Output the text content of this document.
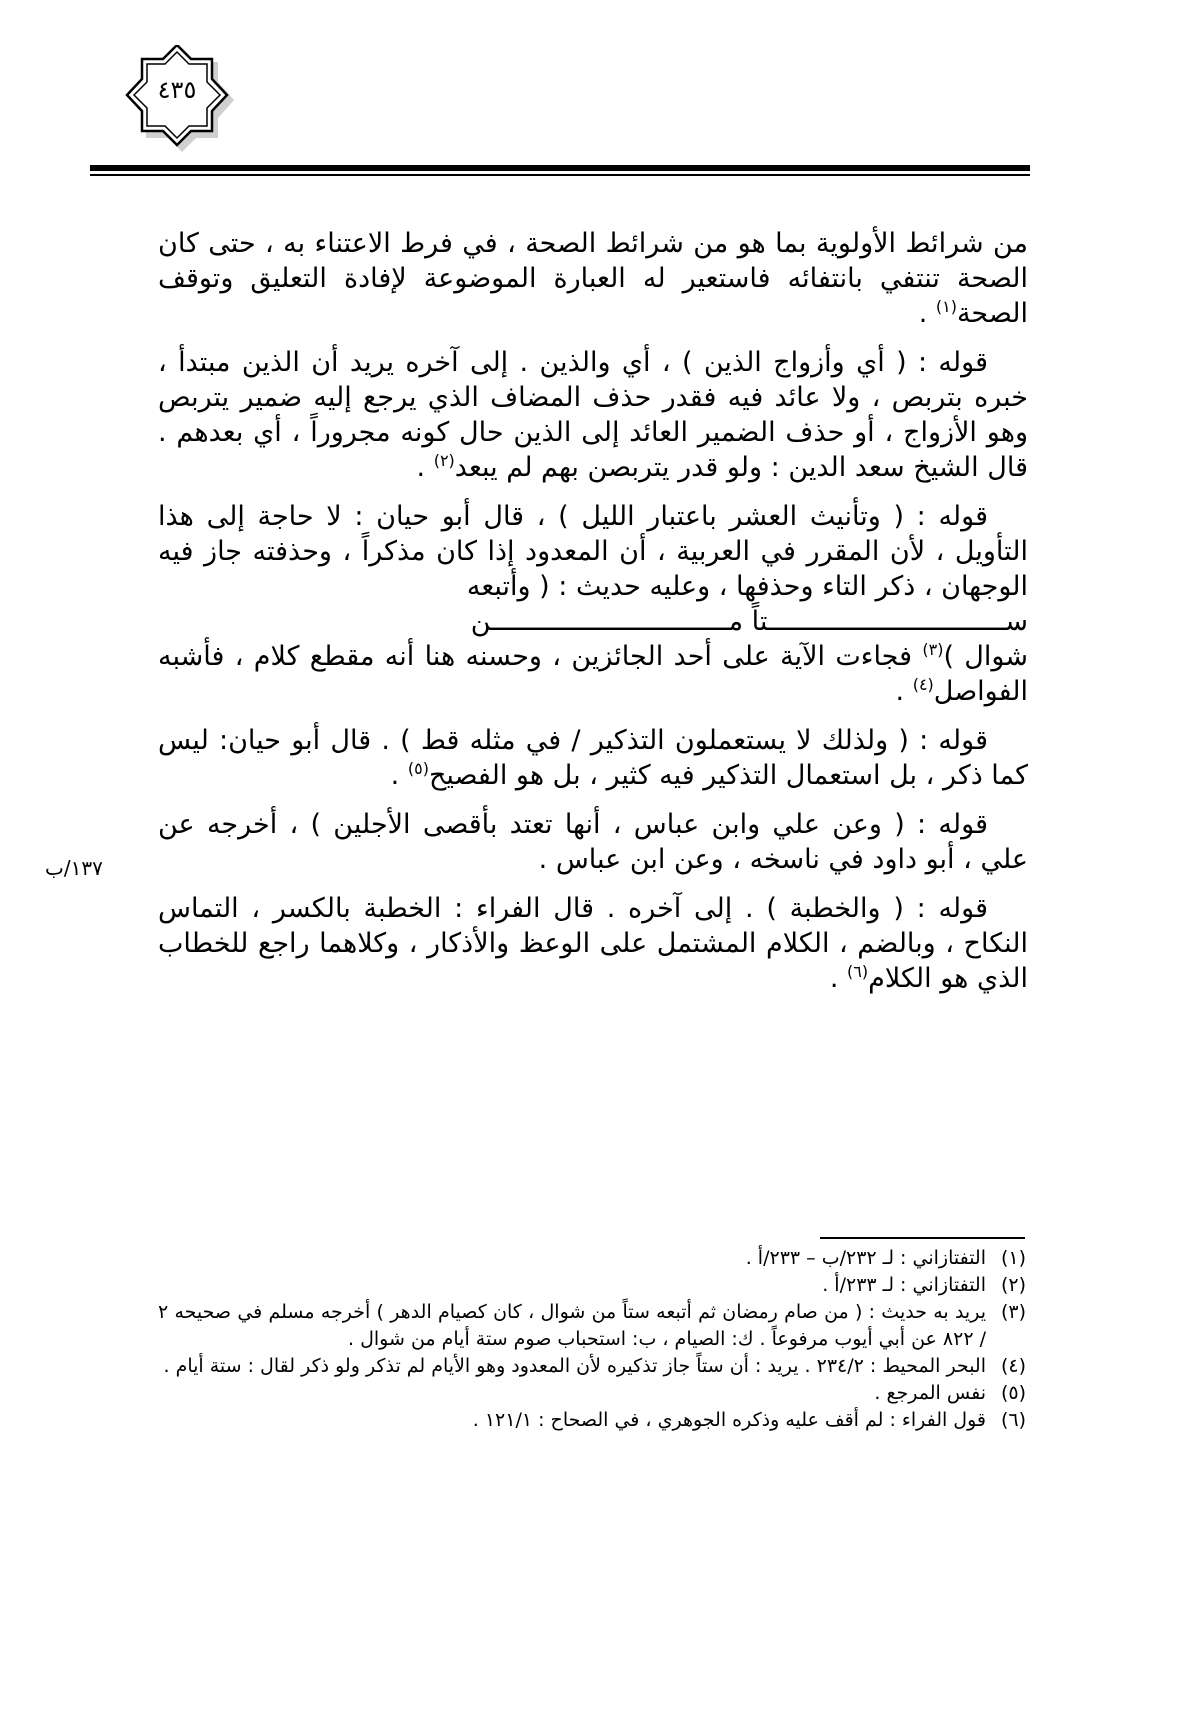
٤٣٥
١٣٧/ب

من شرائط الأولوية بما هو من شرائط الصحة ، في فرط الاعتناء به ، حتى كان الصحة تنتفي بانتفائه فاستعير له العبارة الموضوعة لإفادة التعليق وتوقف الصحة$^{(١)}$ .

قوله : ( أي وأزواج الذين ) ، أي والذين . إلى آخره يريد أن الذين مبتدأ ، خبره بتربص ، ولا عائد فيه فقدر حذف المضاف الذي يرجع إليه ضمير يتربص وهو الأزواج ، أو حذف الضمير العائد إلى الذين حال كونه مجروراً ، أي بعدهم . قال الشيخ سعد الدين : ولو قدر يتربصن بهم لم يبعد$^{(٢)}$ .

قوله : ( وتأنيث العشر باعتبار الليل ) ، قال أبو حيان : لا حاجة إلى هذا التأويل ، لأن المقرر في العربية ، أن المعدود إذا كان مذكراً ، وحذفته جاز فيه الوجهان ، ذكر التاء وحذفها ، وعليه حديث : ( وأتبعه
ســــــــــــــــــــــــــــــتاً مــــــــــــــــــــــــــــــن
شوال )$^{(٣)}$ فجاءت الآية على أحد الجائزين ، وحسنه هنا أنه مقطع كلام ، فأشبه الفواصل$^{(٤)}$ .

قوله : ( ولذلك لا يستعملون التذكير / في مثله قط ) . قال أبو حيان: ليس كما ذكر ، بل استعمال التذكير فيه كثير ، بل هو الفصيح$^{(٥)}$ .

قوله : ( وعن علي وابن عباس ، أنها تعتد بأقصى الأجلين ) ، أخرجه عن علي ، أبو داود في ناسخه ، وعن ابن عباس .

قوله : ( والخطبة ) . إلى آخره . قال الفراء : الخطبة بالكسر ، التماس النكاح ، وبالضم ، الكلام المشتمل على الوعظ والأذكار ، وكلاهما راجع للخطاب الذي هو الكلام$^{(٦)}$ .

(١)
التفتازاني : لـ ٢٣٢/ب – ٢٣٣/أ .

(٢)
التفتازاني : لـ ٢٣٣/أ .

(٣)
يريد به حديث : ( من صام رمضان ثم أتبعه ستاً من شوال ، كان كصيام الدهر ) أخرجه مسلم في صحيحه ٢ / ٨٢٢ عن أبي أيوب مرفوعاً . ك: الصيام ، ب: استحباب صوم ستة أيام من شوال .

(٤)
البحر المحيط : ٢٣٤/٢ . يريد : أن ستاً جاز تذكيره لأن المعدود وهو الأيام لم تذكر ولو ذكر لقال : ستة أيام .

(٥)
نفس المرجع .

(٦)
قول الفراء : لم أقف عليه وذكره الجوهري ، في الصحاح : ١٢١/١ .
